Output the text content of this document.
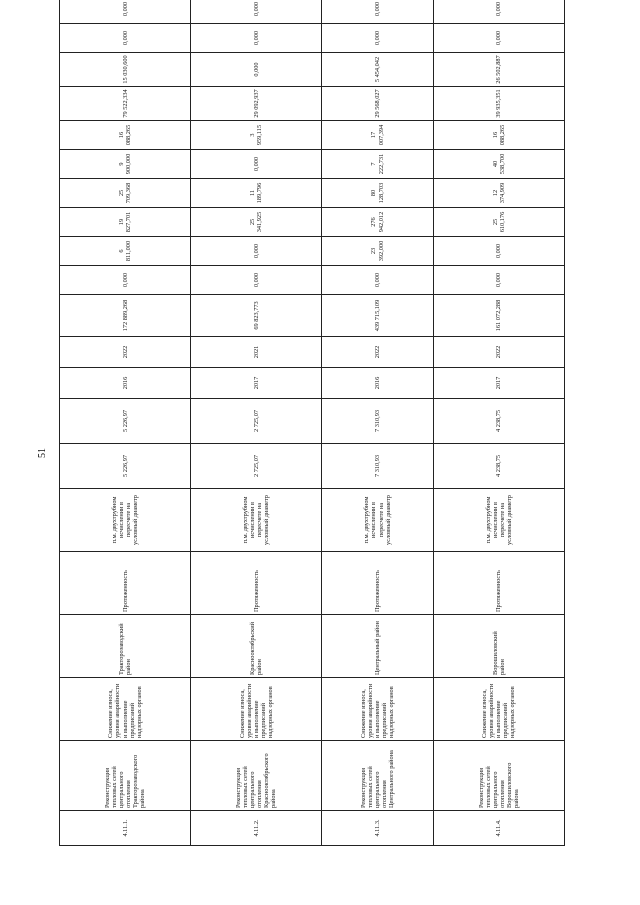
51
4.11.1.	Реконструкция тепловых сетей центрального отопления Тракторозаводского района	Снижение износа, уровня аварийности и выполнение предписаний надзорных органов	Тракторозаводский район	Протяженность	п.м. двухтрубном исчислении в пересчете на условный диаметр	5 226,97	5 226,97	2016	2022	172 889,268	0,000	6 811,000	19 827,701	25 709,368	9 900,000	16 088,265	79 522,334	15 030,600	0,000	0,000	
4.11.2.	Реконструкция тепловых сетей центрального отопления Краснооктябрьского района	Снижение износа, уровня аварийности и выполнение предписаний надзорных органов	Краснооктябрьский район	Протяженность	п.м. двухтрубном исчислении в пересчете на условный диаметр	2 725,07	2 725,07	2017	2021	69 823,773	0,000	0,000	25 341,925	11 189,796	0,000	3 959,115	29 092,937	0,000	0,000	0,000	
4.11.3.	Реконструкция тепловых сетей центрального отопления Центрального района	Снижение износа, уровня аварийности и выполнение предписаний надзорных органов	Центральный район	Протяженность	п.м. двухтрубном исчислении в пересчете на условный диаметр	7 310,93	7 310,93	2016	2022	439 715,109	0,000	23 392,000	276 942,012	80 128,703	7 222,731	17 007,394	29 568,027	5 454,042	0,000	0,000	
4.11.4.	Реконструкция тепловых сетей центрального отопления Ворошиловского района	Снижение износа, уровня аварийности и выполнение предписаний надзорных органов	Ворошиловский район	Протяженность	п.м. двухтрубном исчислении в пересчете на условный диаметр	4 238,75	4 238,75	2017	2022	161 072,288	0,000	0,000	25 610,176	12 374,909	40 538,700	16 088,265	39 935,351	26 502,887	0,000	0,000	
